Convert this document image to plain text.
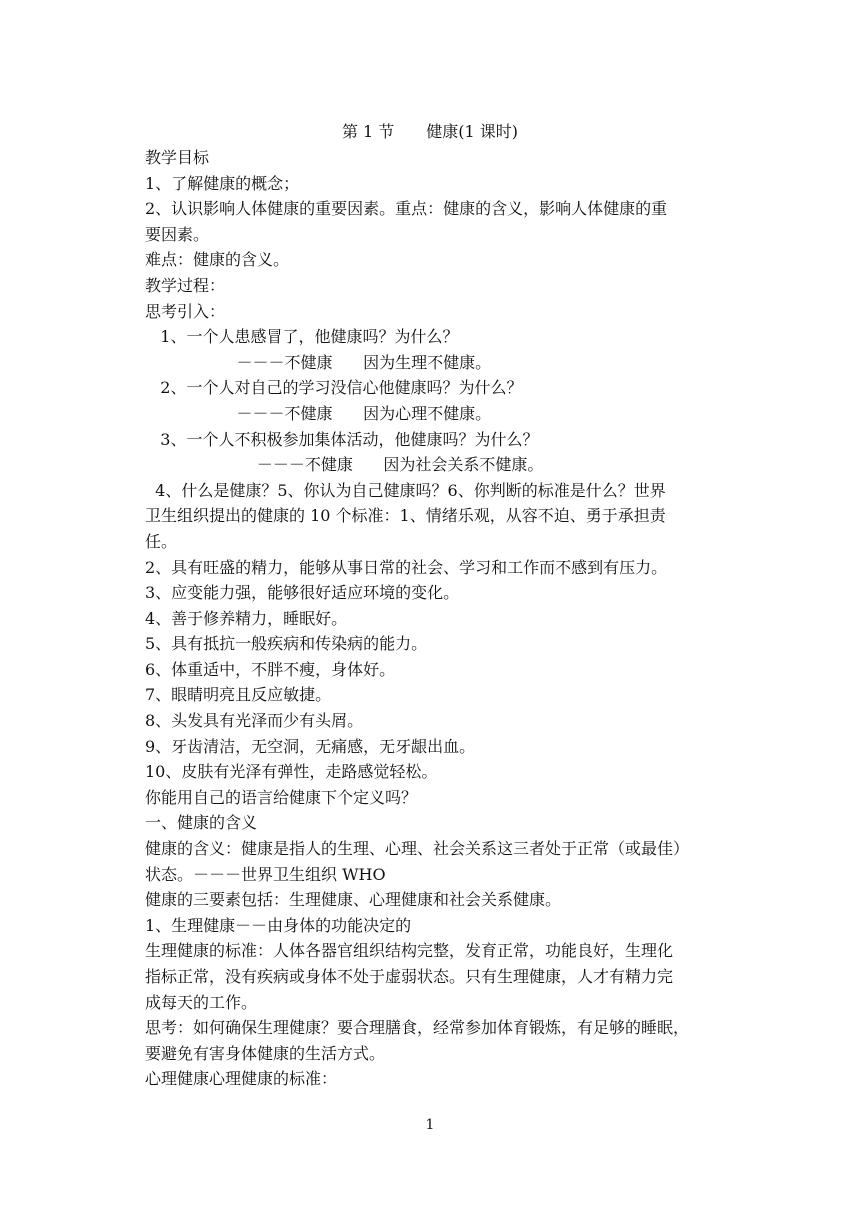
第 1 节　　健康(1 课时)
教学目标
1、了解健康的概念；
2、认识影响人体健康的重要因素。重点：健康的含义，影响人体健康的重
要因素。
难点：健康的含义。
教学过程：
思考引入：
1、一个人患感冒了，他健康吗？为什么？
－－－不健康      因为生理不健康。
2、一个人对自己的学习没信心他健康吗？为什么？
－－－不健康      因为心理不健康。
3、一个人不积极参加集体活动，他健康吗？为什么？
－－－不健康      因为社会关系不健康。
4、什么是健康？5、你认为自己健康吗？6、你判断的标准是什么？世界
卫生组织提出的健康的 10 个标准：1、情绪乐观，从容不迫、勇于承担责
任。
2、具有旺盛的精力，能够从事日常的社会、学习和工作而不感到有压力。
3、应变能力强，能够很好适应环境的变化。
4、善于修养精力，睡眠好。
5、具有抵抗一般疾病和传染病的能力。
6、体重适中，不胖不瘦，身体好。
7、眼睛明亮且反应敏捷。
8、头发具有光泽而少有头屑。
9、牙齿清洁，无空洞，无痛感，无牙龈出血。
10、皮肤有光泽有弹性，走路感觉轻松。
你能用自己的语言给健康下个定义吗？
一、健康的含义
健康的含义：健康是指人的生理、心理、社会关系这三者处于正常（或最佳）
状态。－－－世界卫生组织 WHO
健康的三要素包括：生理健康、心理健康和社会关系健康。
1、生理健康－－由身体的功能决定的
生理健康的标准：人体各器官组织结构完整，发育正常，功能良好，生理化
指标正常，没有疾病或身体不处于虚弱状态。只有生理健康，人才有精力完
成每天的工作。
思考：如何确保生理健康？要合理膳食，经常参加体育锻炼，有足够的睡眠，
要避免有害身体健康的生活方式。
心理健康心理健康的标准：
1
